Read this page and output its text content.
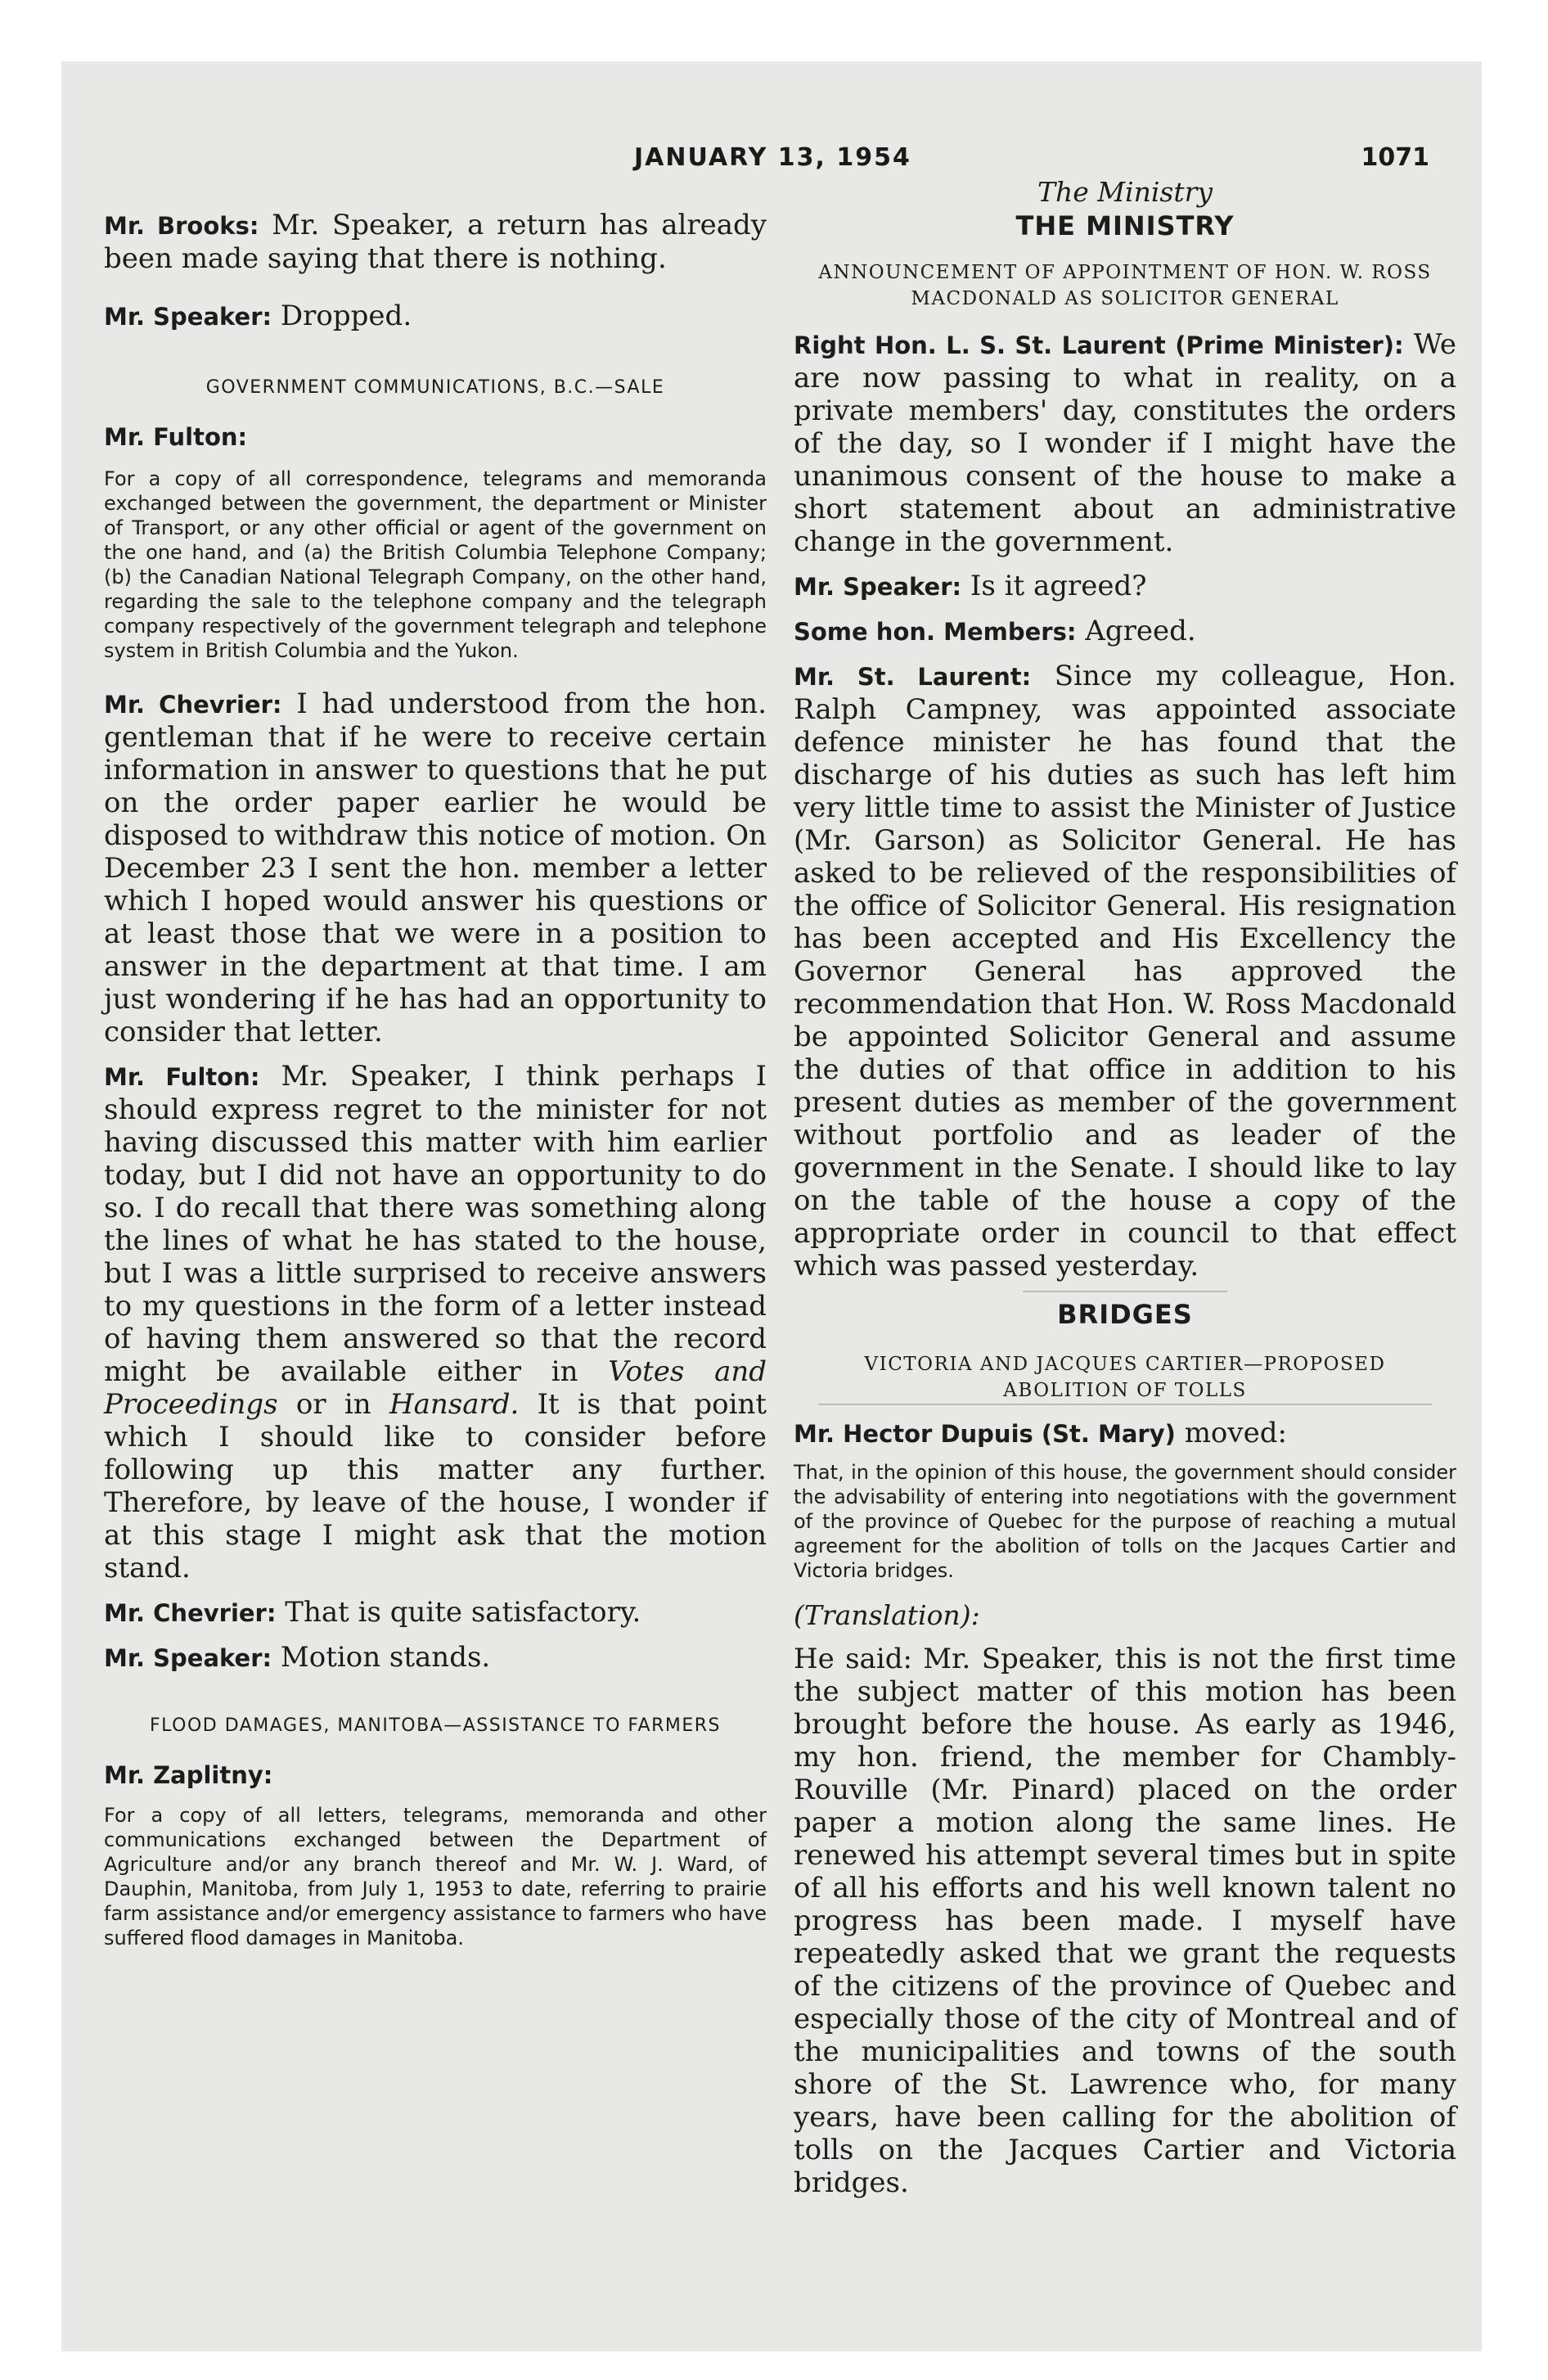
JANUARY 13, 1954	1071

Mr. Brooks: Mr. Speaker, a return has already been made saying that there is nothing.

Mr. Speaker: Dropped.

GOVERNMENT COMMUNICATIONS, B.C.—SALE

Mr. Fulton:

For a copy of all correspondence, telegrams and memoranda exchanged between the government, the department or Minister of Transport, or any other official or agent of the government on the one hand, and (a) the British Columbia Telephone Company; (b) the Canadian National Telegraph Company, on the other hand, regarding the sale to the telephone company and the telegraph company respectively of the government telegraph and telephone system in British Columbia and the Yukon.

Mr. Chevrier: I had understood from the hon. gentleman that if he were to receive certain information in answer to questions that he put on the order paper earlier he would be disposed to withdraw this notice of motion. On December 23 I sent the hon. member a letter which I hoped would answer his questions or at least those that we were in a position to answer in the department at that time. I am just wondering if he has had an opportunity to consider that letter.

Mr. Fulton: Mr. Speaker, I think perhaps I should express regret to the minister for not having discussed this matter with him earlier today, but I did not have an opportunity to do so. I do recall that there was something along the lines of what he has stated to the house, but I was a little surprised to receive answers to my questions in the form of a letter instead of having them answered so that the record might be available either in Votes and Proceedings or in Hansard. It is that point which I should like to consider before following up this matter any further. Therefore, by leave of the house, I wonder if at this stage I might ask that the motion stand.

Mr. Chevrier: That is quite satisfactory.

Mr. Speaker: Motion stands.

FLOOD DAMAGES, MANITOBA—ASSISTANCE TO FARMERS

Mr. Zaplitny:

For a copy of all letters, telegrams, memoranda and other communications exchanged between the Department of Agriculture and/or any branch thereof and Mr. W. J. Ward, of Dauphin, Manitoba, from July 1, 1953 to date, referring to prairie farm assistance and/or emergency assistance to farmers who have suffered flood damages in Manitoba.

The Ministry

THE MINISTRY

ANNOUNCEMENT OF APPOINTMENT OF HON. W. ROSS MACDONALD AS SOLICITOR GENERAL

Right Hon. L. S. St. Laurent (Prime Minister): We are now passing to what in reality, on a private members' day, constitutes the orders of the day, so I wonder if I might have the unanimous consent of the house to make a short statement about an administrative change in the government.

Mr. Speaker: Is it agreed?

Some hon. Members: Agreed.

Mr. St. Laurent: Since my colleague, Hon. Ralph Campney, was appointed associate defence minister he has found that the discharge of his duties as such has left him very little time to assist the Minister of Justice (Mr. Garson) as Solicitor General. He has asked to be relieved of the responsibilities of the office of Solicitor General. His resignation has been accepted and His Excellency the Governor General has approved the recommendation that Hon. W. Ross Macdonald be appointed Solicitor General and assume the duties of that office in addition to his present duties as member of the government without portfolio and as leader of the government in the Senate. I should like to lay on the table of the house a copy of the appropriate order in council to that effect which was passed yesterday.

BRIDGES

VICTORIA AND JACQUES CARTIER—PROPOSED ABOLITION OF TOLLS

Mr. Hector Dupuis (St. Mary) moved:

That, in the opinion of this house, the government should consider the advisability of entering into negotiations with the government of the province of Quebec for the purpose of reaching a mutual agreement for the abolition of tolls on the Jacques Cartier and Victoria bridges.

(Translation):

He said: Mr. Speaker, this is not the first time the subject matter of this motion has been brought before the house. As early as 1946, my hon. friend, the member for Chambly-Rouville (Mr. Pinard) placed on the order paper a motion along the same lines. He renewed his attempt several times but in spite of all his efforts and his well known talent no progress has been made. I myself have repeatedly asked that we grant the requests of the citizens of the province of Quebec and especially those of the city of Montreal and of the municipalities and towns of the south shore of the St. Lawrence who, for many years, have been calling for the abolition of tolls on the Jacques Cartier and Victoria bridges.
